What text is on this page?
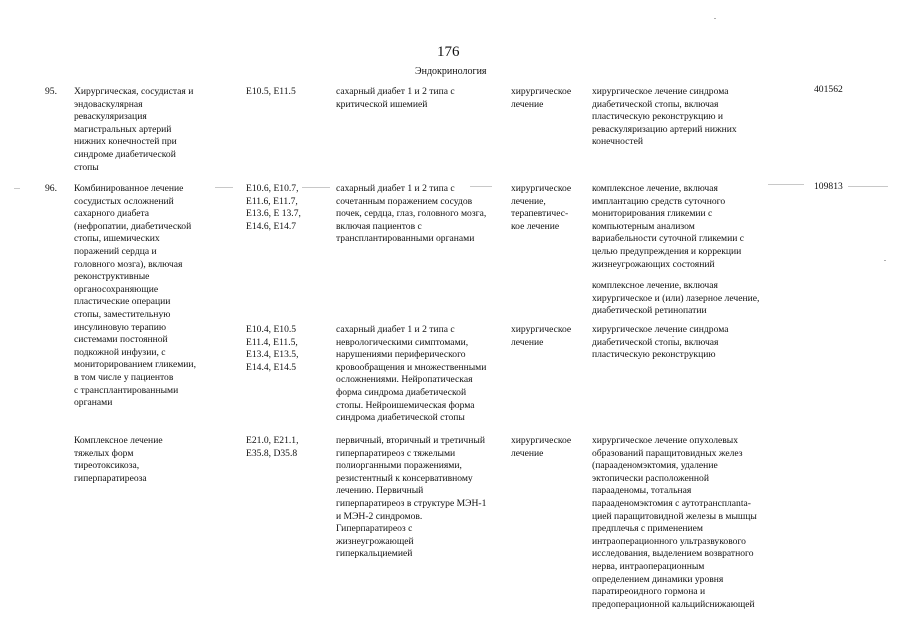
176
Эндокринология
95. Хирургическая, сосудистая и
эндоваскулярная
реваскуляризация
магистральных артерий
нижних конечностей при
синдроме диабетической
стопы
E10.5, E11.5	сахарный диабет 1 и 2 типа с
критической ишемией
хирургическое
лечение
хирургическое лечение синдрома
диабетической стопы, включая
пластическую реконструкцию и
реваскуляризацию артерий нижних
конечностей
401562
96. Комбинированное лечение
сосудистых осложнений
сахарного диабета
(нефропатии, диабетической
стопы, ишемических
поражений сердца и
головного мозга), включая
реконструктивные
органосохраняющие
пластические операции
стопы, заместительную
инсулиновую терапию
системами постоянной
подкожной инфузии, с
мониторированием гликемии,
в том числе у пациентов
с трансплантированными
органами
E10.6, E10.7,
E11.6, E11.7,
E13.6, E 13.7,
E14.6, E14.7
сахарный диабет 1 и 2 типа с
сочетанным поражением сосудов
почек, сердца, глаз, головного мозга,
включая пациентов с
трансплантированными органами
хирургическое
лечение,
терапевтичес-
кое лечение
комплексное лечение, включая
имплантацию средств суточного
мониторирования гликемии с
компьютерным анализом
вариабельности суточной гликемии с
целью предупреждения и коррекции
жизнеугрожающих состояний
комплексное лечение, включая
хирургическое и (или) лазерное лечение,
диабетической ретинопатии
109813
E10.4, E10.5
E11.4, E11.5,
E13.4, E13.5,
E14.4, E14.5
сахарный диабет 1 и 2 типа с
неврологическими симптомами,
нарушениями периферического
кровообращения и множественными
осложнениями. Нейропатическая
форма синдрома диабетической
стопы. Нейроишемическая форма
синдрома диабетической стопы
хирургическое
лечение
хирургическое лечение синдрома
диабетической стопы, включая
пластическую реконструкцию
Комплексное лечение
тяжелых форм
тиреотоксикоза,
гиперпаратиреоза
E21.0, E21.1,
E35.8, D35.8
первичный, вторичный и третичный
гиперпаратиреоз с тяжелыми
полиорганными поражениями,
резистентный к консервативному
лечению. Первичный
гиперпаратиреоз в структуре МЭН-1
и МЭН-2 синдромов.
Гиперпаратиреоз с
жизнеугрожающей
гиперкальциемией
хирургическое
лечение
хирургическое лечение опухолевых
образований паращитовидных желез
(парааденомэктомия, удаление
эктопически расположенной
парааденомы, тотальная
парааденомэктомия с аутотрансплanta-
цией паращитовидной железы в мышцы
предплечья с применением
интраоперационного ультразвукового
исследования, выделением возвратного
нерва, интраоперационным
определением динамики уровня
паратиреоидного гормона и
предоперационной кальцийснижающей
